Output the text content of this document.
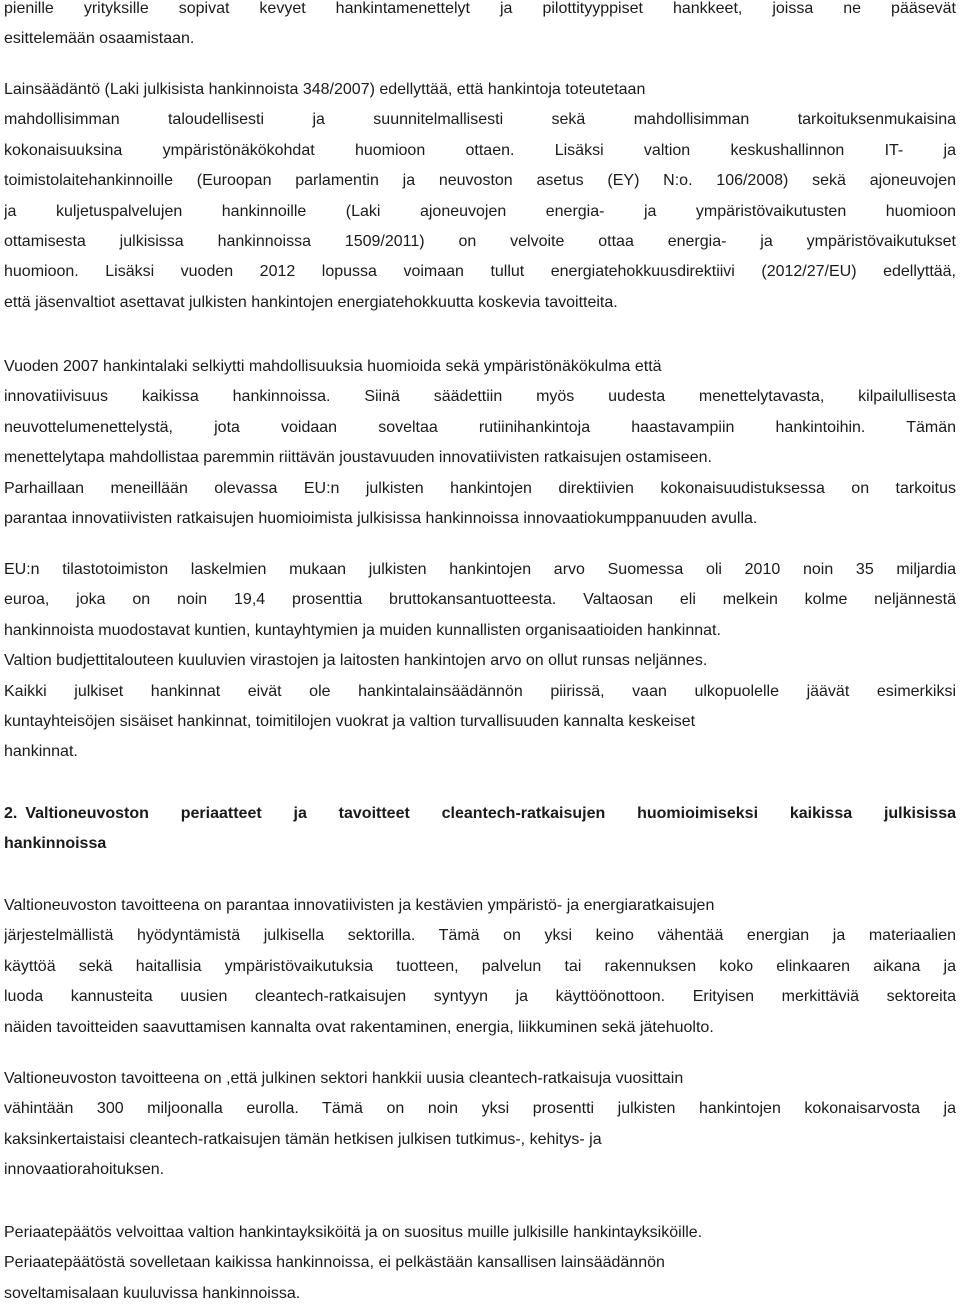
pienille yrityksille sopivat kevyet hankintamenettelyt ja pilottityyppiset hankkeet, joissa ne pääsevät
esittelemään osaamistaan.

Lainsäädäntö (Laki julkisista hankinnoista 348/2007) edellyttää, että hankintoja toteutetaan
mahdollisimman taloudellisesti ja suunnitelmallisesti sekä mahdollisimman tarkoituksenmukaisina
kokonaisuuksina ympäristönäkökohdat huomioon ottaen. Lisäksi valtion keskushallinnon IT- ja
toimistolaitehankinnoille (Euroopan parlamentin ja neuvoston asetus (EY) N:o. 106/2008) sekä ajoneuvojen
ja kuljetuspalvelujen hankinnoille (Laki ajoneuvojen energia- ja ympäristövaikutusten huomioon
ottamisesta julkisissa hankinnoissa 1509/2011) on velvoite ottaa energia- ja ympäristövaikutukset
huomioon. Lisäksi vuoden 2012 lopussa voimaan tullut energiatehokkuusdirektiivi (2012/27/EU) edellyttää,
että jäsenvaltiot asettavat julkisten hankintojen energiatehokkuutta koskevia tavoitteita.

Vuoden 2007 hankintalaki selkiytti mahdollisuuksia huomioida sekä ympäristönäkökulma että
innovatiivisuus kaikissa hankinnoissa. Siinä säädettiin myös uudesta menettelytavasta, kilpailullisesta
neuvottelumenettelystä, jota voidaan soveltaa rutiinihankintoja haastavampiin hankintoihin. Tämän
menettelytapa mahdollistaa paremmin riittävän joustavuuden innovatiivisten ratkaisujen ostamiseen.
Parhaillaan meneillään olevassa EU:n julkisten hankintojen direktiivien kokonaisuudistuksessa on tarkoitus
parantaa innovatiivisten ratkaisujen huomioimista julkisissa hankinnoissa innovaatiokumppanuuden avulla.

EU:n tilastotoimiston laskelmien mukaan julkisten hankintojen arvo Suomessa oli 2010 noin 35 miljardia
euroa, joka on noin 19,4 prosenttia bruttokansantuotteesta. Valtaosan eli melkein kolme neljännestä
hankinnoista muodostavat kuntien, kuntayhtymien ja muiden kunnallisten organisaatioiden hankinnat.
Valtion budjettitalouteen kuuluvien virastojen ja laitosten hankintojen arvo on ollut runsas neljännes.
Kaikki julkiset hankinnat eivät ole hankintalainsäädännön piirissä, vaan ulkopuolelle jäävät esimerkiksi
kuntayhteisöjen sisäiset hankinnat, toimitilojen vuokrat ja valtion turvallisuuden kannalta keskeiset
hankinnat.

2. Valtioneuvoston periaatteet ja tavoitteet cleantech-ratkaisujen huomioimiseksi kaikissa julkisissa
hankinnoissa

Valtioneuvoston tavoitteena on parantaa innovatiivisten ja kestävien ympäristö- ja energiaratkaisujen
järjestelmällistä hyödyntämistä julkisella sektorilla. Tämä on yksi keino vähentää energian ja materiaalien
käyttöä sekä haitallisia ympäristövaikutuksia tuotteen, palvelun tai rakennuksen koko elinkaaren aikana ja
luoda kannusteita uusien cleantech-ratkaisujen syntyyn ja käyttöönottoon. Erityisen merkittäviä sektoreita
näiden tavoitteiden saavuttamisen kannalta ovat rakentaminen, energia, liikkuminen sekä jätehuolto.

Valtioneuvoston tavoitteena on ,että julkinen sektori hankkii uusia cleantech-ratkaisuja vuosittain
vähintään 300 miljoonalla eurolla. Tämä on noin yksi prosentti julkisten hankintojen kokonaisarvosta ja
kaksinkertaistaisi cleantech-ratkaisujen tämän hetkisen julkisen tutkimus-, kehitys- ja
innovaatiorahoituksen.

Periaatepäätös velvoittaa valtion hankintayksiköitä ja on suositus muille julkisille hankintayksiköille.
Periaatepäätöstä sovelletaan kaikissa hankinnoissa, ei pelkästään kansallisen lainsäädännön
soveltamisalaan kuuluvissa hankinnoissa.
